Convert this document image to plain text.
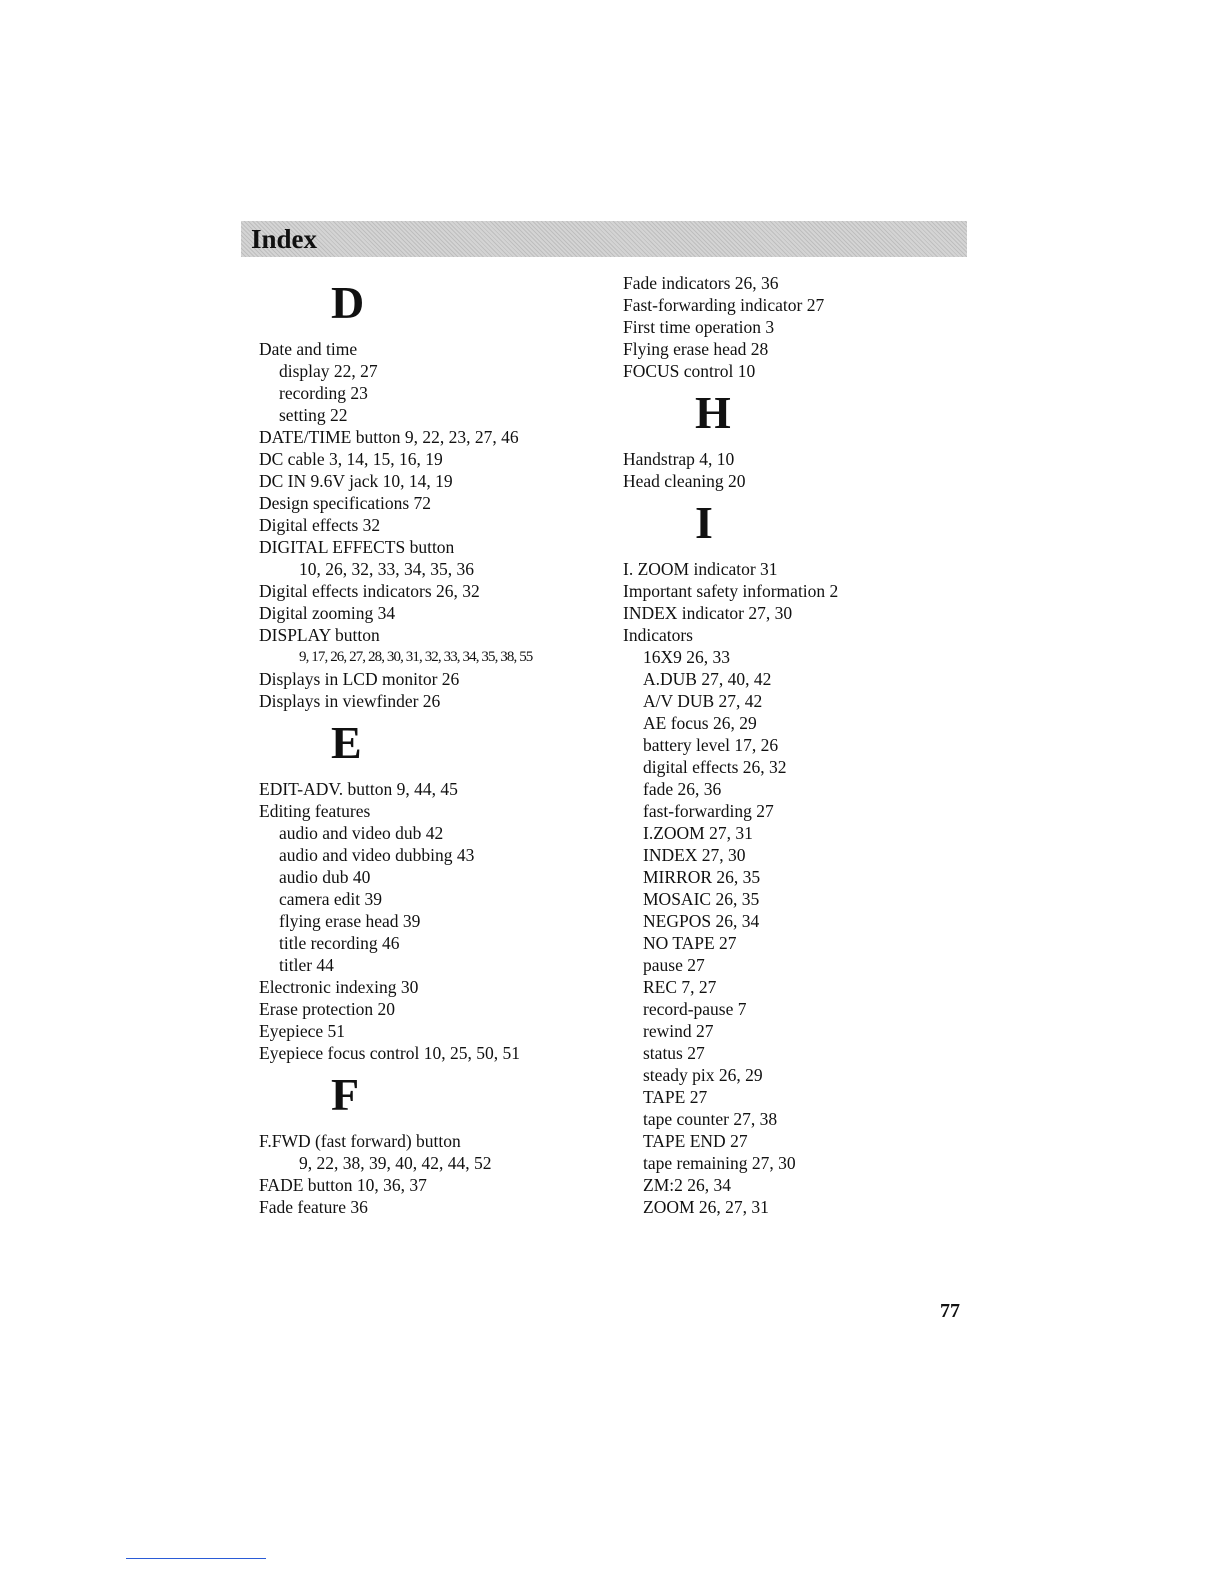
Index
D
Date and time
display 22, 27
recording 23
setting 22
DATE/TIME button 9, 22, 23, 27, 46
DC cable 3, 14, 15, 16, 19
DC IN 9.6V jack 10, 14, 19
Design specifications 72
Digital effects 32
DIGITAL EFFECTS button
10, 26, 32, 33, 34, 35, 36
Digital effects indicators 26, 32
Digital zooming 34
DISPLAY button
9, 17, 26, 27, 28, 30, 31, 32, 33, 34, 35, 38, 55
Displays in LCD monitor 26
Displays in viewfinder 26
E
EDIT-ADV. button 9, 44, 45
Editing features
audio and video dub 42
audio and video dubbing 43
audio dub 40
camera edit 39
flying erase head 39
title recording 46
titler 44
Electronic indexing 30
Erase protection 20
Eyepiece 51
Eyepiece focus control 10, 25, 50, 51
F
F.FWD (fast forward) button
9, 22, 38, 39, 40, 42, 44, 52
FADE button 10, 36, 37
Fade feature 36
Fade indicators 26, 36
Fast-forwarding indicator 27
First time operation 3
Flying erase head 28
FOCUS control 10
H
Handstrap 4, 10
Head cleaning 20
I
I. ZOOM indicator 31
Important safety information 2
INDEX indicator 27, 30
Indicators
16X9 26, 33
A.DUB 27, 40, 42
A/V DUB 27, 42
AE focus 26, 29
battery level 17, 26
digital effects 26, 32
fade 26, 36
fast-forwarding 27
I.ZOOM 27, 31
INDEX 27, 30
MIRROR 26, 35
MOSAIC 26, 35
NEGPOS 26, 34
NO TAPE 27
pause 27
REC 7, 27
record-pause 7
rewind 27
status 27
steady pix 26, 29
TAPE 27
tape counter 27, 38
TAPE END 27
tape remaining 27, 30
ZM:2 26, 34
ZOOM 26, 27, 31
77
